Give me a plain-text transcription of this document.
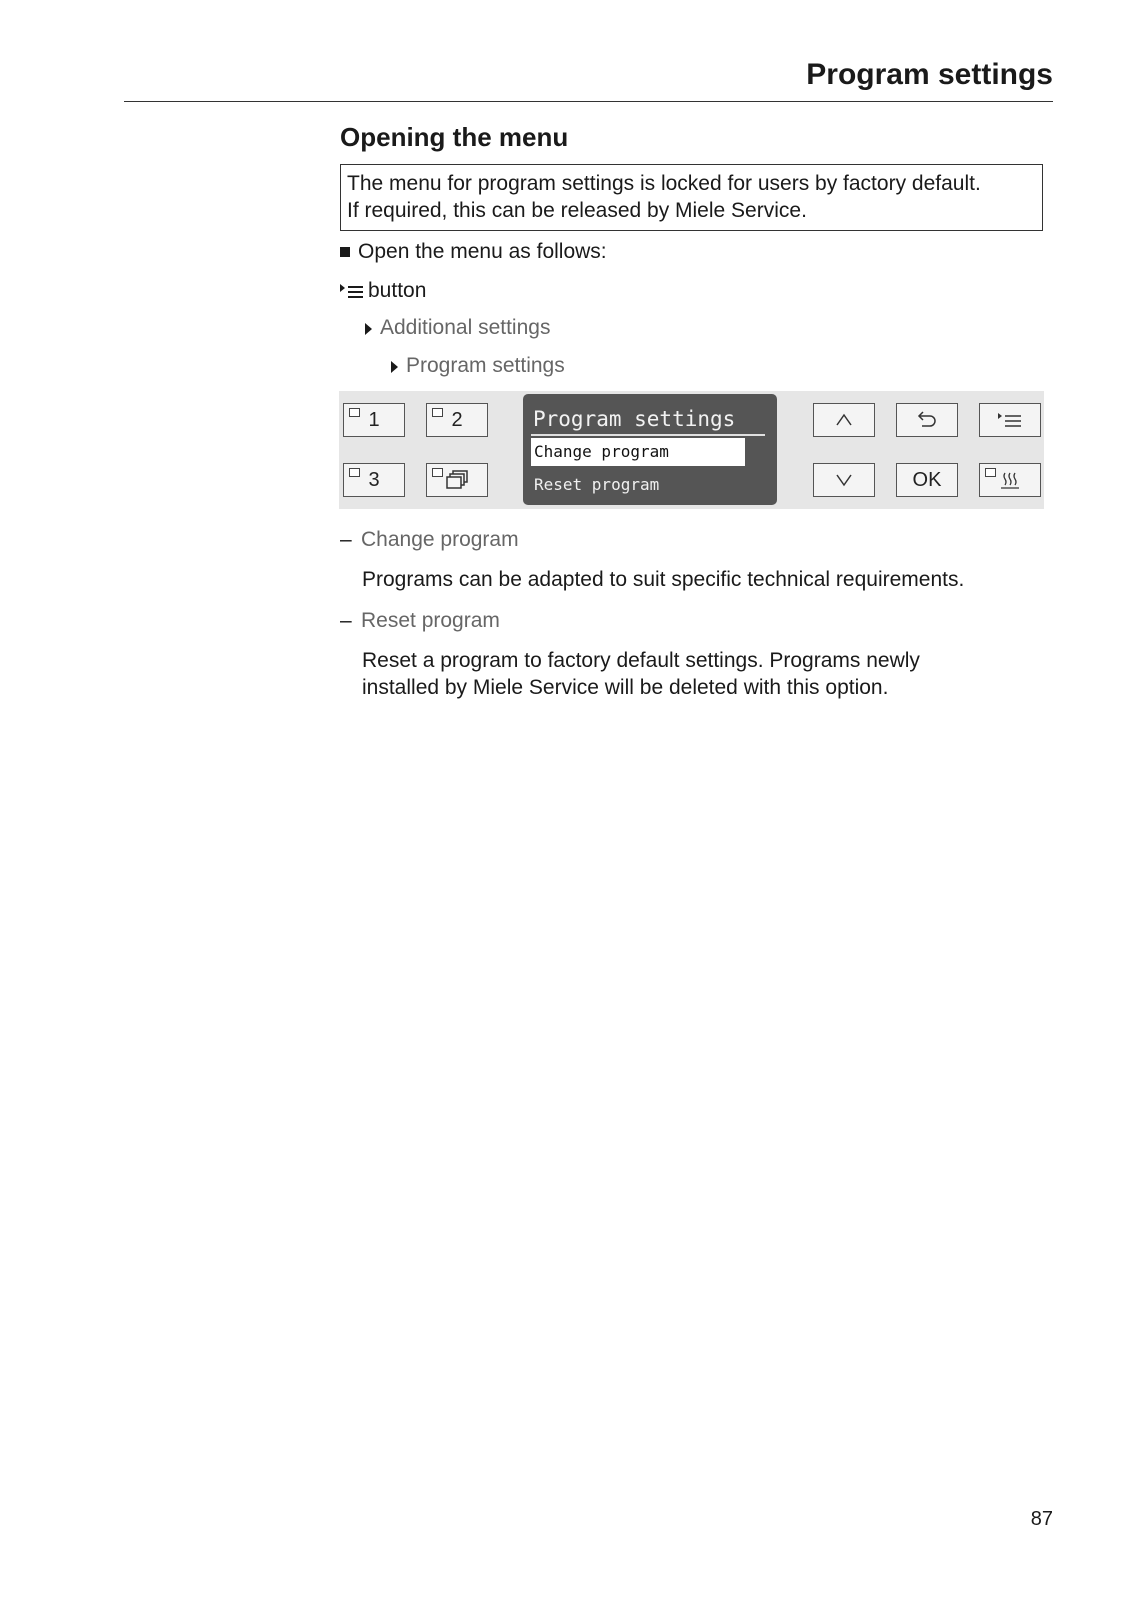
Program settings
Opening the menu
The menu for program settings is locked for users by factory default.
If required, this can be released by Miele Service.
Open the menu as follows:
button
Additional settings
Program settings
1	2
3
Program settings
Change program
Reset program	OK
– Change program
Programs can be adapted to suit specific technical requirements.
– Reset program
Reset a program to factory default settings. Programs newly installed by Miele Service will be deleted with this option.
87
